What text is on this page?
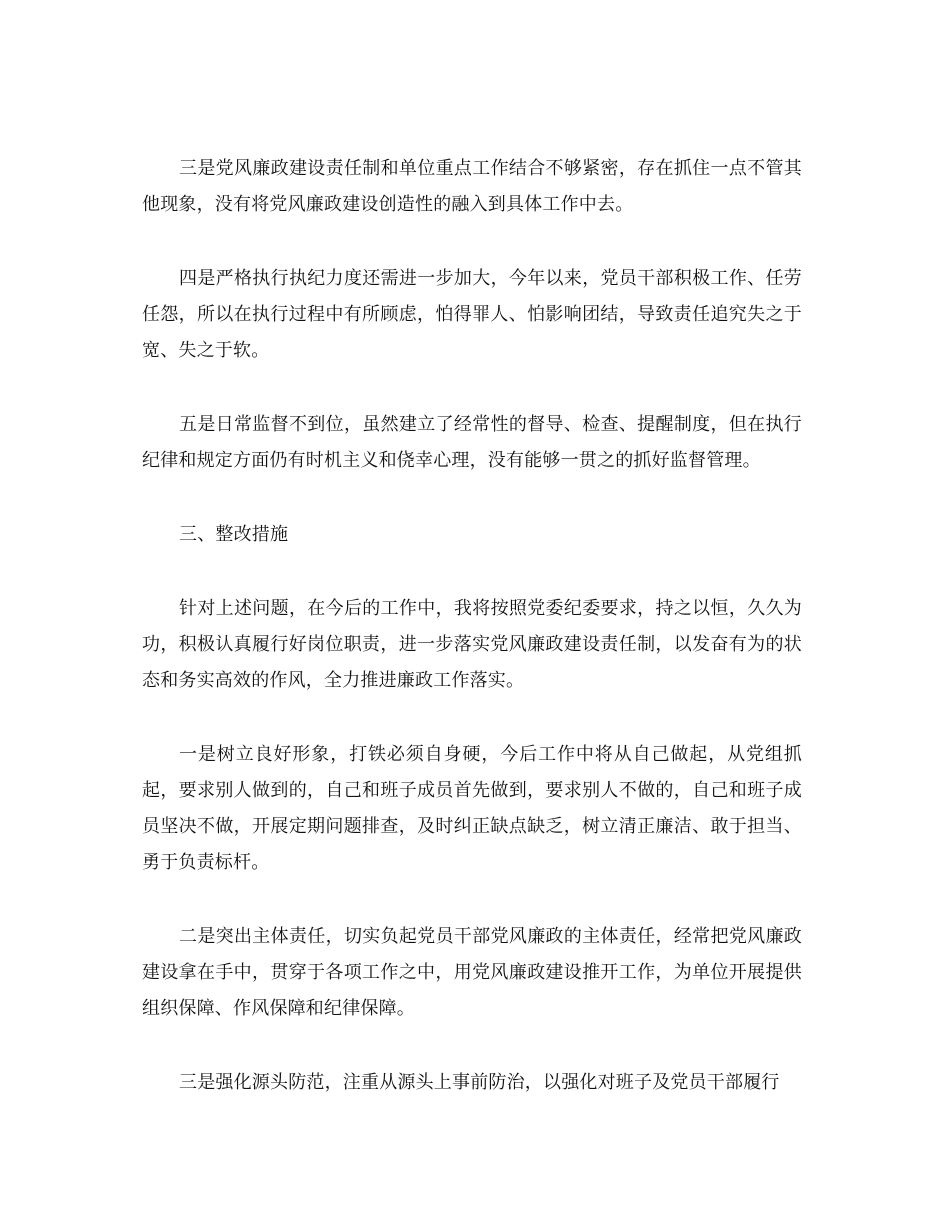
三是党风廉政建设责任制和单位重点工作结合不够紧密，存在抓住一点不管其他现象，没有将党风廉政建设创造性的融入到具体工作中去。

四是严格执行执纪力度还需进一步加大，今年以来，党员干部积极工作、任劳任怨，所以在执行过程中有所顾虑，怕得罪人、怕影响团结，导致责任追究失之于宽、失之于软。

五是日常监督不到位，虽然建立了经常性的督导、检查、提醒制度，但在执行纪律和规定方面仍有时机主义和侥幸心理，没有能够一贯之的抓好监督管理。

三、整改措施

针对上述问题，在今后的工作中，我将按照党委纪委要求，持之以恒，久久为功，积极认真履行好岗位职责，进一步落实党风廉政建设责任制，以发奋有为的状态和务实高效的作风，全力推进廉政工作落实。

一是树立良好形象，打铁必须自身硬，今后工作中将从自己做起，从党组抓起，要求别人做到的，自己和班子成员首先做到，要求别人不做的，自己和班子成员坚决不做，开展定期问题排查，及时纠正缺点缺乏，树立清正廉洁、敢于担当、勇于负责标杆。

二是突出主体责任，切实负起党员干部党风廉政的主体责任，经常把党风廉政建设拿在手中，贯穿于各项工作之中，用党风廉政建设推开工作，为单位开展提供组织保障、作风保障和纪律保障。

三是强化源头防范，注重从源头上事前防治，以强化对班子及党员干部履行
